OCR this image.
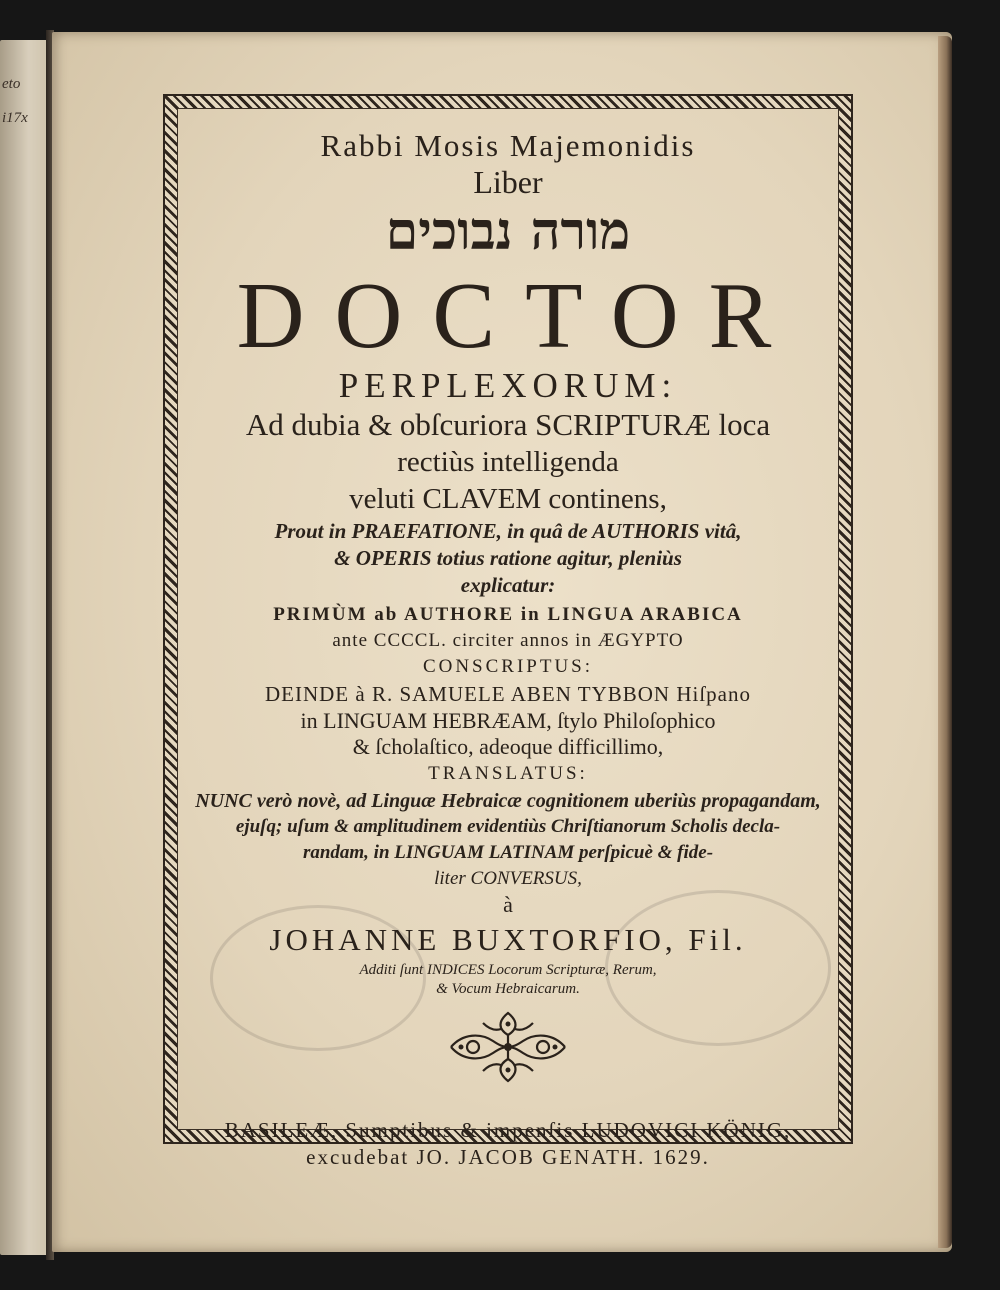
eto
i17x
Rabbi Mosis Majemonidis
Liber
מורה נבוכים
DOCTOR
PERPLEXORUM:
Ad dubia & obſcuriora SCRIPTURÆ loca
rectiùs intelligenda
veluti CLAVEM continens,
Prout in PRAEFATIONE, in quâ de AUTHORIS vitâ,
& OPERIS totius ratione agitur, pleniùs
explicatur:
PRIMÙM ab AUTHORE in LINGUA ARABICA
ante CCCCL. circiter annos in ÆGYPTO
CONSCRIPTUS:
DEINDE à R. SAMUELE ABEN TYBBON Hiſpano
in LINGUAM HEBRÆAM, ſtylo Philoſophico
& ſcholaſtico, adeoque difficillimo,
TRANSLATUS:
NUNC verò novè, ad Linguæ Hebraicæ cognitionem uberiùs propagandam,
ejuſq; uſum & amplitudinem evidentiùs Chriſtianorum Scholis decla-
randam, in LINGUAM LATINAM perſpicuè & fide-
liter CONVERSUS,
à
JOHANNE BUXTORFIO, Fil.
Additi ſunt INDICES Locorum Scripturæ, Rerum,
& Vocum Hebraicarum.
BASILEÆ, Sumptibus & impenſis LUDOVICI KÖNIG,
excudebat JO. JACOB GENATH. 1629.
